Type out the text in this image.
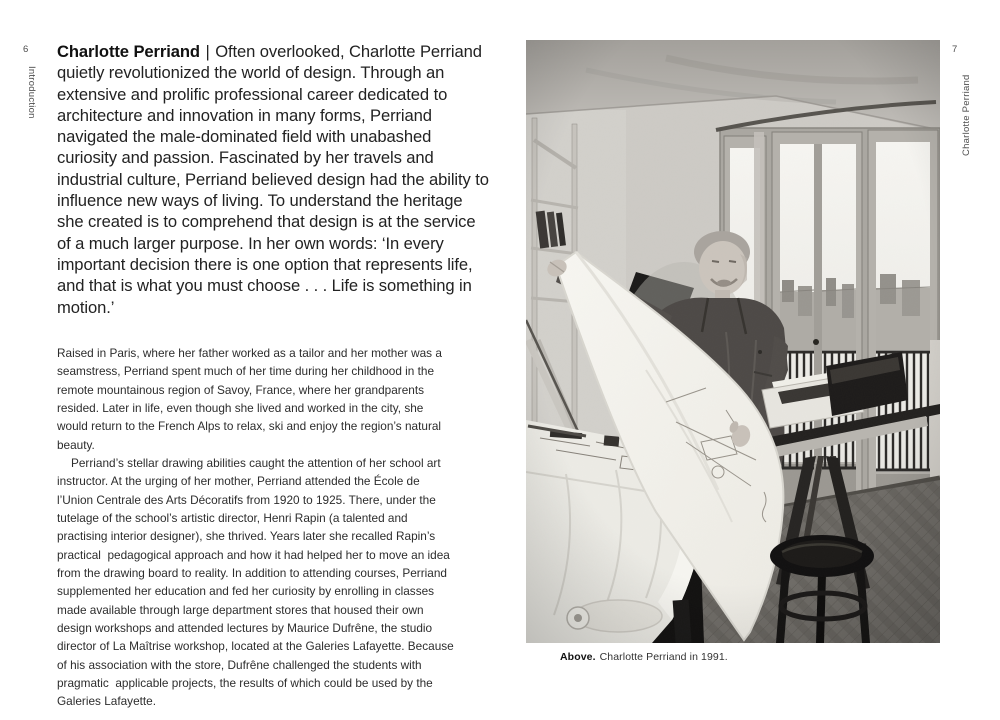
6
Introduction
Charlotte Perriand | Often overlooked, Charlotte Perriand quietly revolutionized the world of design. Through an extensive and prolific professional career dedicated to architecture and innovation in many forms, Perriand navigated the male-dominated field with unabashed curiosity and passion. Fascinated by her travels and industrial culture, Perriand believed design had the ability to influence new ways of living. To understand the heritage she created is to comprehend that design is at the service of a much larger purpose. In her own words: ‘In every important decision there is one option that represents life, and that is what you must choose . . . Life is something in motion.’

Raised in Paris, where her father worked as a tailor and her mother was a seamstress, Perriand spent much of her time during her childhood in the remote mountainous region of Savoy, France, where her grandparents resided. Later in life, even though she lived and worked in the city, she would return to the French Alps to relax, ski and enjoy the region’s natural beauty.

Perriand’s stellar drawing abilities caught the attention of her school art instructor. At the urging of her mother, Perriand attended the École de l’Union Centrale des Arts Décoratifs from 1920 to 1925. There, under the tutelage of the school’s artistic director, Henri Rapin (a talented and practising interior designer), she thrived. Years later she recalled Rapin’s practical  pedagogical approach and how it had helped her to move an idea from the drawing board to reality. In addition to attending courses, Perriand supplemented her education and fed her curiosity by enrolling in classes made available through large department stores that housed their own design workshops and attended lectures by Maurice Dufrêne, the studio director of La Maîtrise workshop, located at the Galeries Lafayette. Because of his association with the store, Dufrêne challenged the students with pragmatic  applicable projects, the results of which could be used by the Galeries Lafayette.

Above. Charlotte Perriand in 1991.
7
Charlotte Perriand
